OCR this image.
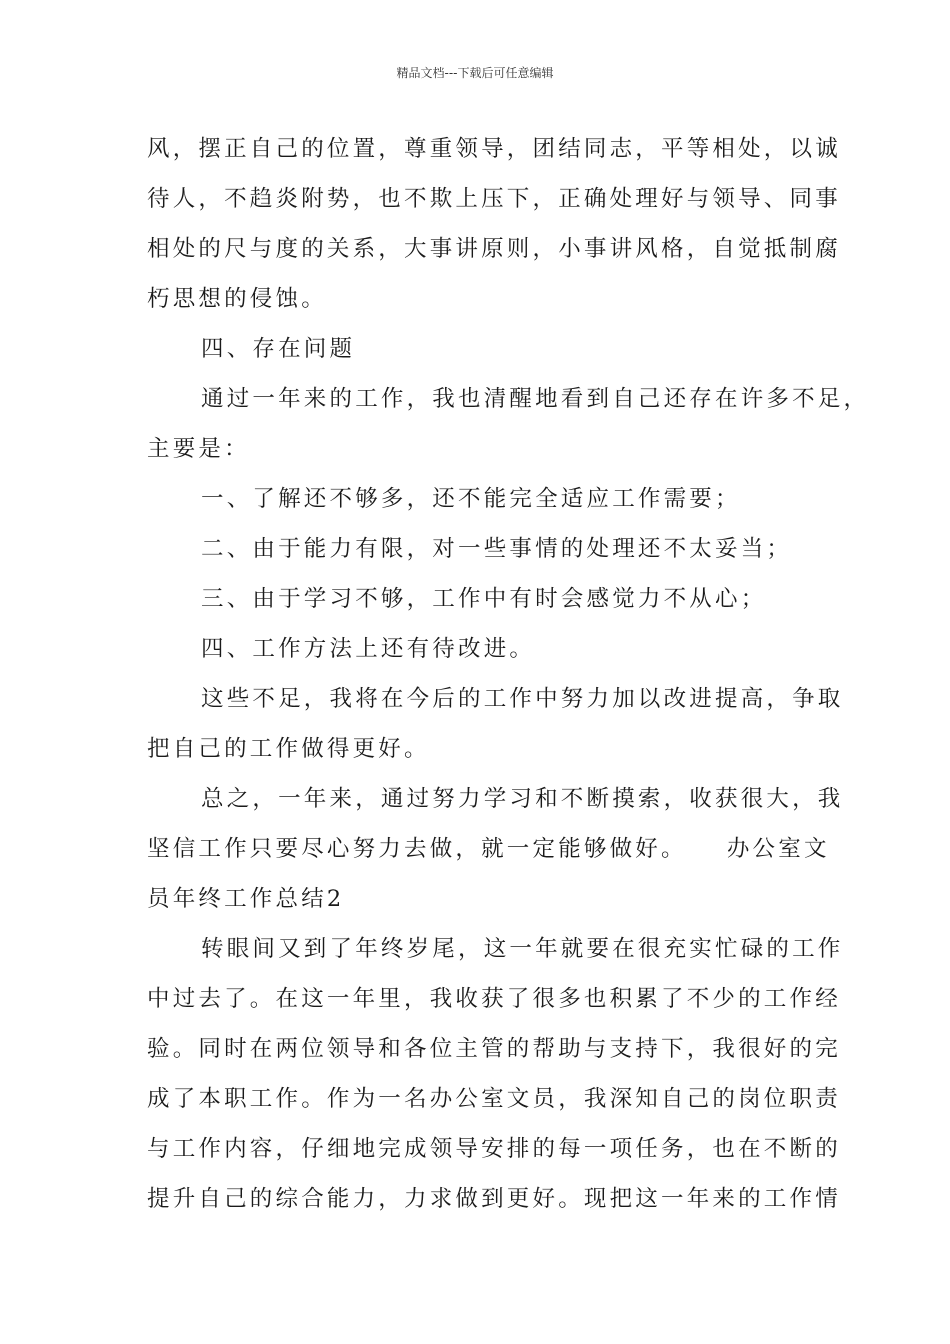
精品文档---下载后可任意编辑
风，摆正自己的位置，尊重领导，团结同志，平等相处，以诚
待人，不趋炎附势，也不欺上压下，正确处理好与领导、同事
相处的尺与度的关系，大事讲原则，小事讲风格，自觉抵制腐
朽思想的侵蚀。
四、存在问题
通过一年来的工作，我也清醒地看到自己还存在许多不足，
主要是：
一、了解还不够多，还不能完全适应工作需要；
二、由于能力有限，对一些事情的处理还不太妥当；
三、由于学习不够，工作中有时会感觉力不从心；
四、工作方法上还有待改进。
这些不足，我将在今后的工作中努力加以改进提高，争取
把自己的工作做得更好。
总之，一年来，通过努力学习和不断摸索，收获很大，我
坚信工作只要尽心努力去做，就一定能够做好。　　办公室文
员年终工作总结2
转眼间又到了年终岁尾，这一年就要在很充实忙碌的工作
中过去了。在这一年里，我收获了很多也积累了不少的工作经
验。同时在两位领导和各位主管的帮助与支持下，我很好的完
成了本职工作。作为一名办公室文员，我深知自己的岗位职责
与工作内容，仔细地完成领导安排的每一项任务，也在不断的
提升自己的综合能力，力求做到更好。现把这一年来的工作情
